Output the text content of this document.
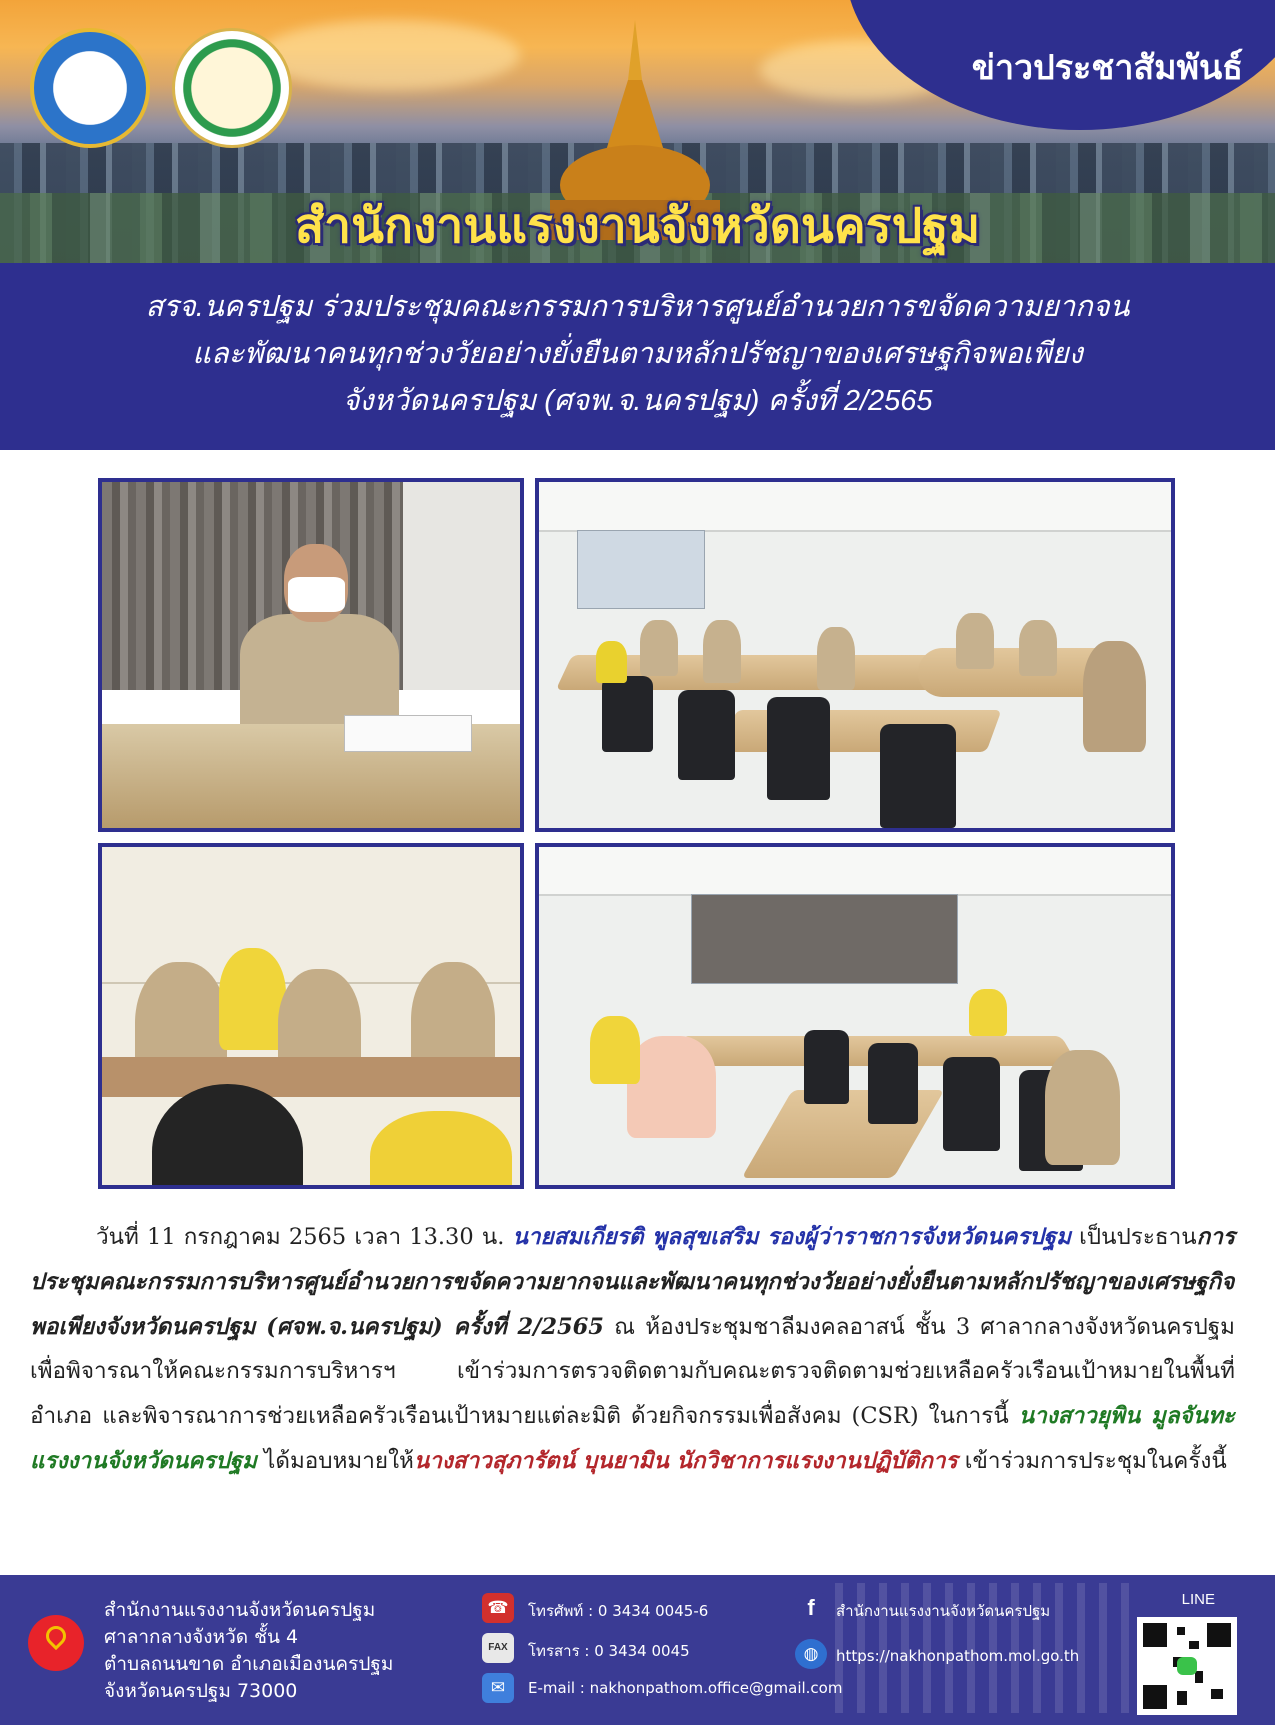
ข่าวประชาสัมพันธ์
สำนักงานแรงงานจังหวัดนครปฐม
สรจ.นครปฐม ร่วมประชุมคณะกรรมการบริหารศูนย์อำนวยการขจัดความยากจน
และพัฒนาคนทุกช่วงวัยอย่างยั่งยืนตามหลักปรัชญาของเศรษฐกิจพอเพียง
จังหวัดนครปฐม (ศจพ.จ.นครปฐม) ครั้งที่ 2/2565
วันที่ 11 กรกฎาคม 2565 เวลา 13.30 น. นายสมเกียรติ พูลสุขเสริม รองผู้ว่าราชการจังหวัดนครปฐม เป็นประธานการประชุมคณะกรรมการบริหารศูนย์อำนวยการขจัดความยากจนและพัฒนาคนทุกช่วงวัยอย่างยั่งยืนตามหลักปรัชญาของเศรษฐกิจพอเพียงจังหวัดนครปฐม (ศจพ.จ.นครปฐม) ครั้งที่ 2/2565 ณ ห้องประชุมชาลีมงคลอาสน์ ชั้น 3 ศาลากลางจังหวัดนครปฐม เพื่อพิจารณาให้คณะกรรมการบริหารฯ เข้าร่วมการตรวจติดตามกับคณะตรวจติดตามช่วยเหลือครัวเรือนเป้าหมายในพื้นที่อำเภอ และพิจารณาการช่วยเหลือครัวเรือนเป้าหมายแต่ละมิติ ด้วยกิจกรรมเพื่อสังคม (CSR) ในการนี้ นางสาวยุพิน มูลจันทะ แรงงานจังหวัดนครปฐม ได้มอบหมายให้นางสาวสุภารัตน์ บุนยามิน นักวิชาการแรงงานปฏิบัติการ เข้าร่วมการประชุมในครั้งนี้
สำนักงานแรงงานจังหวัดนครปฐม
ศาลากลางจังหวัด ชั้น 4
ตำบลถนนขาด อำเภอเมืองนครปฐม
จังหวัดนครปฐม 73000
☎	โทรศัพท์ : 0 3434 0045-6
FAX	โทรสาร : 0 3434 0045
✉	E-mail : nakhonpathom.office@gmail.com
f	สำนักงานแรงงานจังหวัดนครปฐม
◍	https://nakhonpathom.mol.go.th
LINE
